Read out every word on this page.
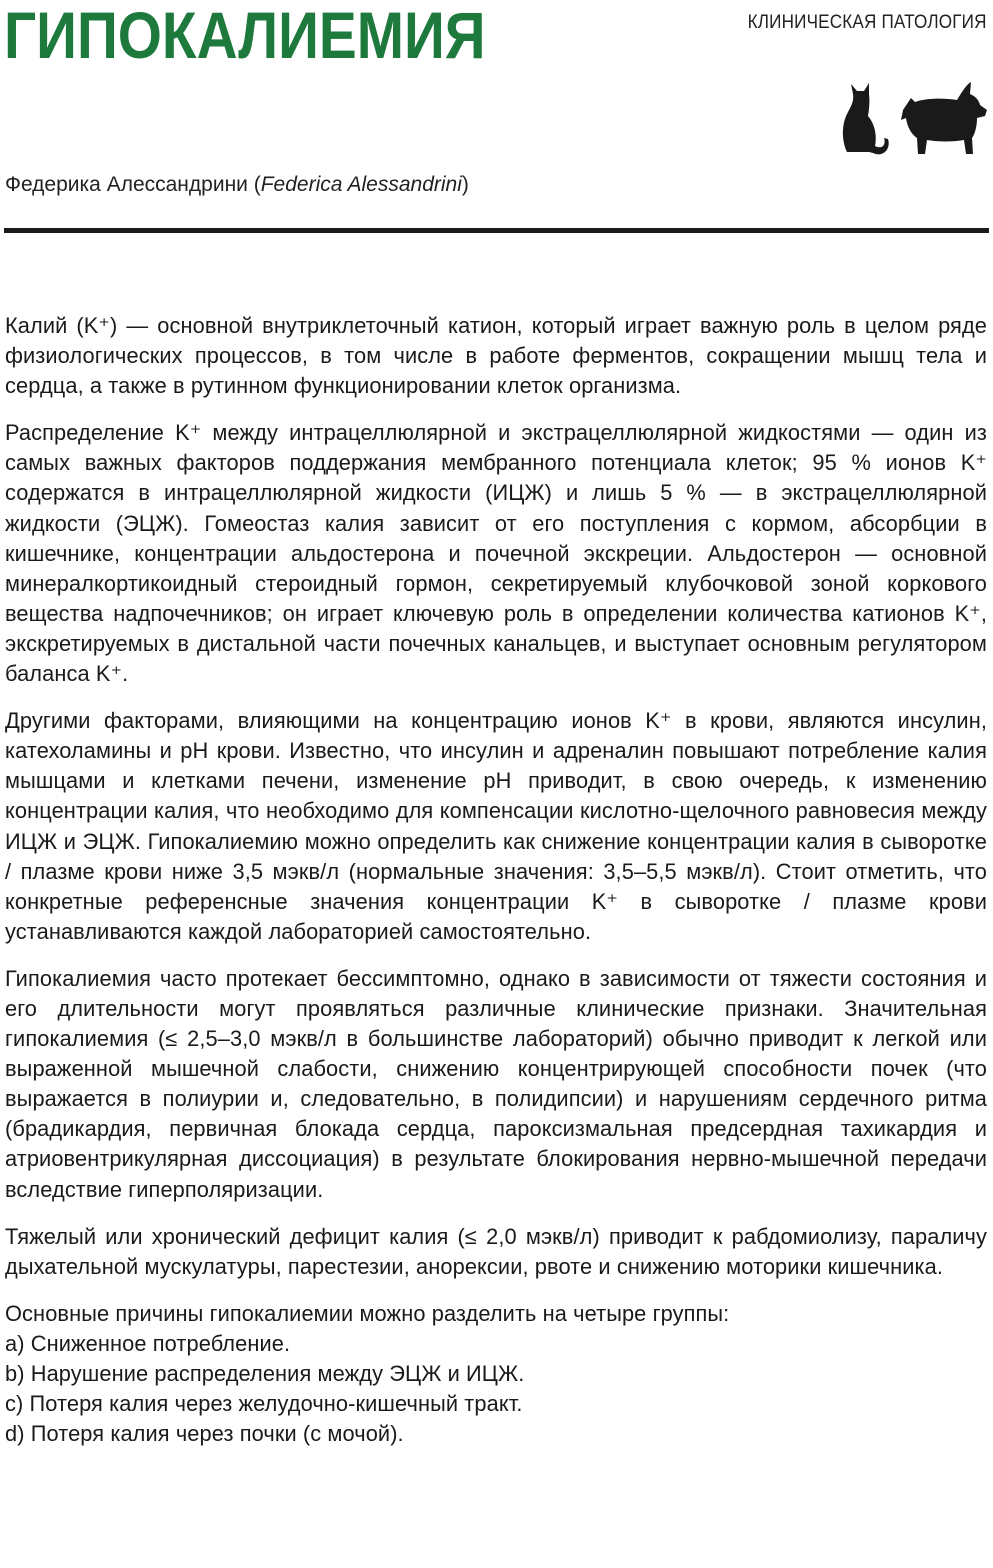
ГИПОКАЛИЕМИЯ	КЛИНИЧЕСКАЯ ПАТОЛОГИЯ
Федерика Алессандрини (Federica Alessandrini)

Калий (K⁺) — основной внутриклеточный катион, который играет важную роль в целом ряде физиологических процессов, в том числе в работе ферментов, сокращении мышц тела и сердца, а также в рутинном функционировании клеток организма.

Распределение K⁺ между интрацеллюлярной и экстрацеллюлярной жидкостями — один из самых важных факторов поддержания мембранного потенциала клеток; 95 % ионов K⁺ содержатся в интрацеллюлярной жидкости (ИЦЖ) и лишь 5 % — в экстрацеллюлярной жидкости (ЭЦЖ). Гомеостаз калия зависит от его поступления с кормом, абсорбции в кишечнике, концентрации альдостерона и почечной экскреции. Альдостерон — основной минералкортикоидный стероидный гормон, секретируемый клубочковой зоной коркового вещества надпочечников; он играет ключевую роль в определении количества катионов K⁺, экскретируемых в дистальной части почечных канальцев, и выступает основным регулятором баланса K⁺.

Другими факторами, влияющими на концентрацию ионов K⁺ в крови, являются инсулин, катехоламины и pH крови. Известно, что инсулин и адреналин повышают потребление калия мышцами и клетками печени, изменение pH приводит, в свою очередь, к изменению концентрации калия, что необходимо для компенсации кислотно-щелочного равновесия между ИЦЖ и ЭЦЖ. Гипокалиемию можно определить как снижение концентрации калия в сыворотке / плазме крови ниже 3,5 мэкв/л (нормальные значения: 3,5–5,5 мэкв/л). Стоит отметить, что конкретные референсные значения концентрации K⁺ в сыворотке / плазме крови устанавливаются каждой лабораторией самостоятельно.

Гипокалиемия часто протекает бессимптомно, однако в зависимости от тяжести состояния и его длительности могут проявляться различные клинические признаки. Значительная гипокалиемия (≤ 2,5–3,0 мэкв/л в большинстве лабораторий) обычно приводит к легкой или выраженной мышечной слабости, снижению концентрирующей способности почек (что выражается в полиурии и, следовательно, в полидипсии) и нарушениям сердечного ритма (брадикардия, первичная блокада сердца, пароксизмальная предсердная тахикардия и атриовентрикулярная диссоциация) в результате блокирования нервно-мышечной передачи вследствие гиперполяризации.

Тяжелый или хронический дефицит калия (≤ 2,0 мэкв/л) приводит к рабдомиолизу, параличу дыхательной мускулатуры, парестезии, анорексии, рвоте и снижению моторики кишечника.

Основные причины гипокалиемии можно разделить на четыре группы:
a) Сниженное потребление.
b) Нарушение распределения между ЭЦЖ и ИЦЖ.
c) Потеря калия через желудочно-кишечный тракт.
d) Потеря калия через почки (с мочой).
